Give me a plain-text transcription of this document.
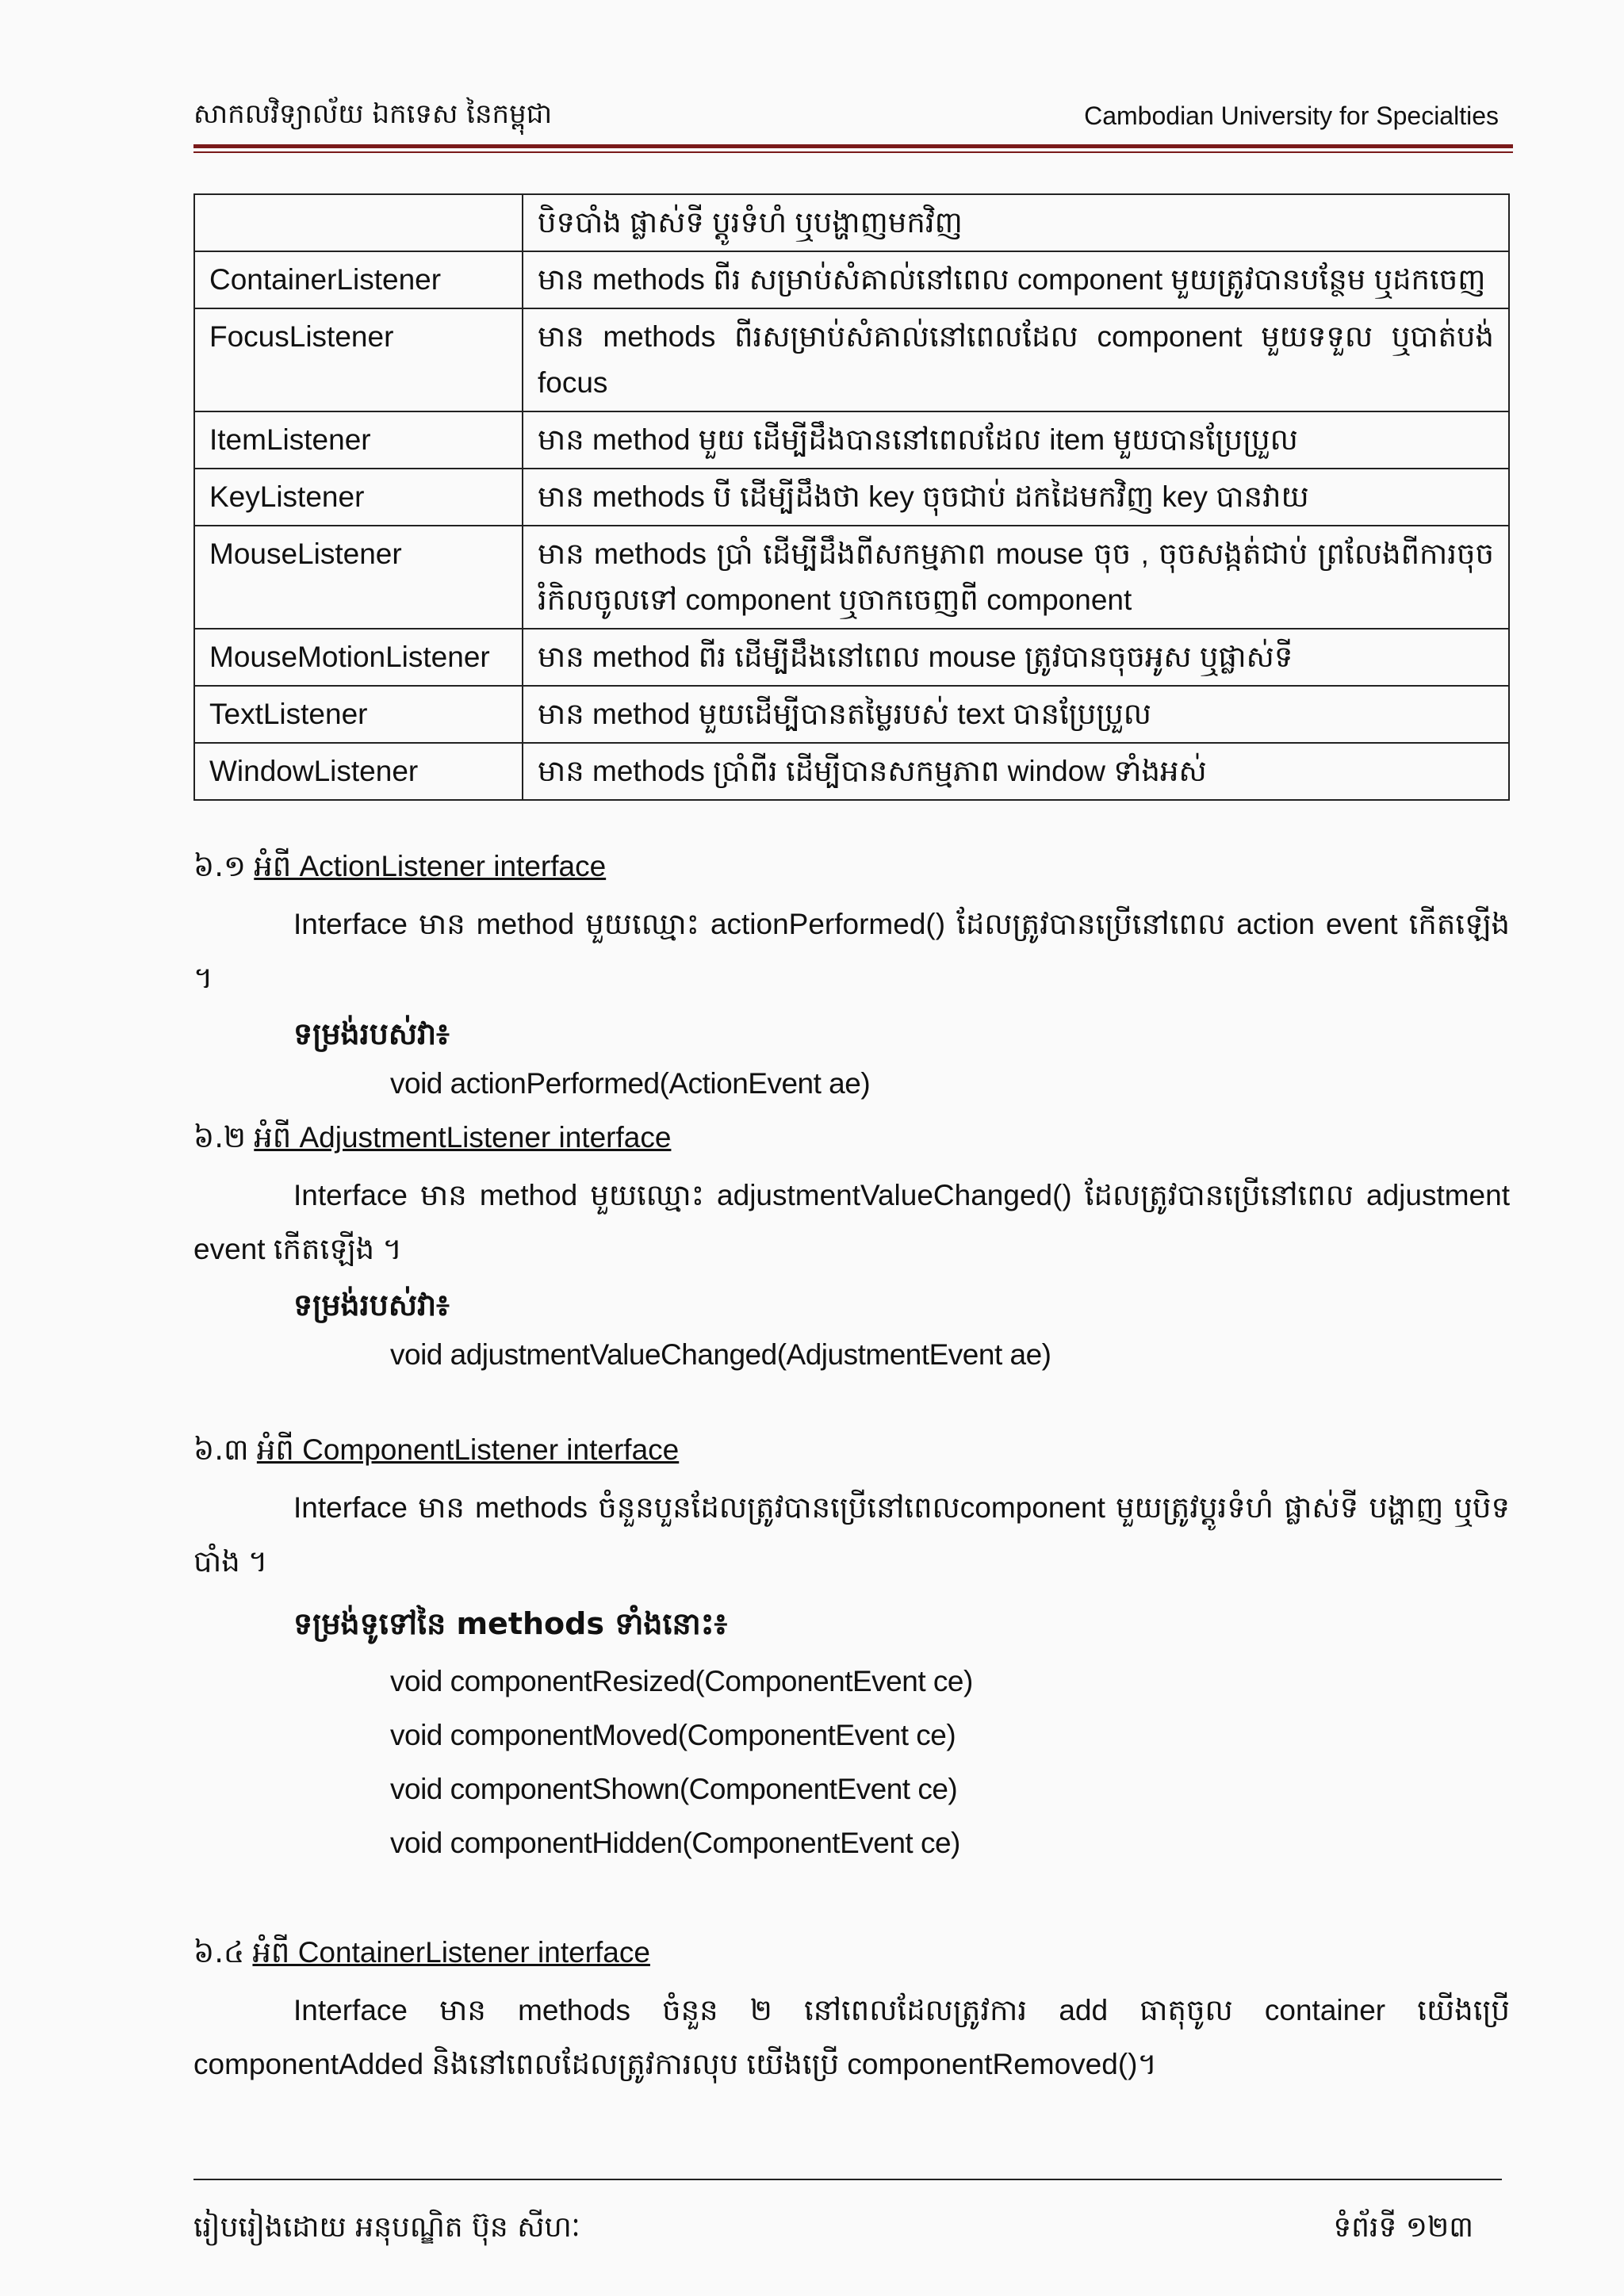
សាកលវិទ្យាល័យ ឯកទេស នៃកម្ពុជា	Cambodian University for Specialties
	បិទបាំង ផ្លាស់ទី ប្ដូរទំហំ ឬបង្ហាញមកវិញ
ContainerListener	មាន methods ពីរ សម្រាប់សំគាល់នៅពេល component មួយត្រូវបានបន្ថែម ឬដកចេញ
FocusListener	មាន methods ពីរសម្រាប់សំគាល់នៅពេលដែល component មួយទទួល ឬបាត់បង់ focus
ItemListener	មាន method មួយ ដើម្បីដឹងបាននៅពេលដែល item មួយបានប្រែប្រួល
KeyListener	មាន methods បី ដើម្បីដឹងថា key ចុចជាប់ ដកដៃមកវិញ key បានវាយ
MouseListener	មាន methods ប្រាំ ដើម្បីដឹងពីសកម្មភាព mouse ចុច , ចុចសង្កត់ជាប់ ព្រលែងពីការចុច រំកិលចូលទៅ component ឬចាកចេញពី component
MouseMotionListener	មាន method ពីរ ដើម្បីដឹងនៅពេល mouse ត្រូវបានចុចអូស ឬផ្លាស់ទី
TextListener	មាន method មួយដើម្បីបានតម្លៃរបស់ text បានប្រែប្រួល
WindowListener	មាន methods ប្រាំពីរ ដើម្បីបានសកម្មភាព window ទាំងអស់
៦.១ អំពី ActionListener interface
Interface មាន method មួយឈ្មោះ actionPerformed() ដែលត្រូវបានប្រើនៅពេល action event កើតឡើង ។
ទម្រង់របស់វា៖
void actionPerformed(ActionEvent ae)
៦.២ អំពី AdjustmentListener interface
Interface មាន method មួយឈ្មោះ adjustmentValueChanged() ដែលត្រូវបានប្រើនៅពេល adjustment event កើតឡើង ។
ទម្រង់របស់វា៖
void adjustmentValueChanged(AdjustmentEvent ae)
៦.៣ អំពី ComponentListener interface
Interface មាន methods ចំនួនបួនដែលត្រូវបានប្រើនៅពេលcomponent មួយត្រូវប្ដូរទំហំ ផ្លាស់ទី បង្ហាញ ឬបិទបាំង ។
ទម្រង់ទូទៅនៃ methods ទាំងនោះ៖
void componentResized(ComponentEvent ce)
void componentMoved(ComponentEvent ce)
void componentShown(ComponentEvent ce)
void componentHidden(ComponentEvent ce)
៦.៤ អំពី ContainerListener interface
Interface មាន methods ចំនួន ២ នៅពេលដែលត្រូវការ add ធាតុចូល container យើងប្រើ componentAdded និងនៅពេលដែលត្រូវការលុប យើងប្រើ componentRemoved()។
រៀបរៀងដោយ អនុបណ្ឌិត ប៊ុន សីហៈ	ទំព័រទី ១២៣
